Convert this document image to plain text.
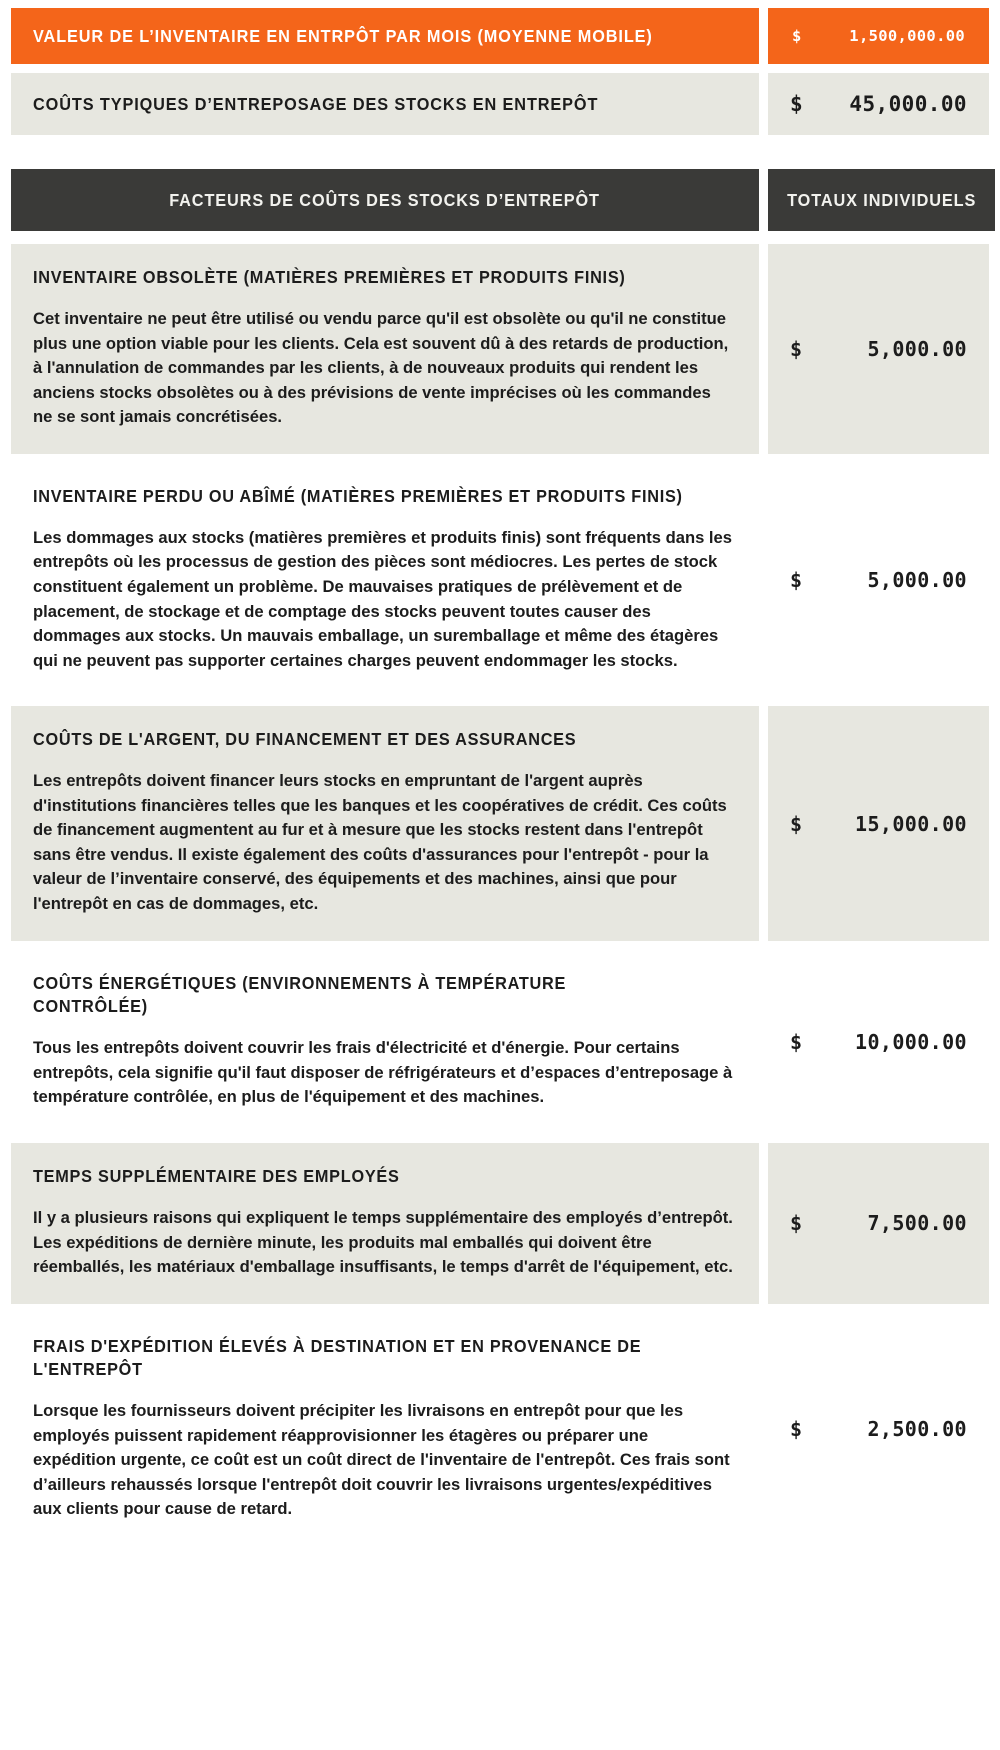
VALEUR DE L’INVENTAIRE EN ENTRPÔT PAR MOIS (MOYENNE MOBILE)	$	1,500,000.00
COÛTS TYPIQUES D’ENTREPOSAGE DES STOCKS EN ENTREPÔT	$ 45,000.00
FACTEURS DE COÛTS DES STOCKS D’ENTREPÔT	TOTAUX INDIVIDUELS

INVENTAIRE OBSOLÈTE (MATIÈRES PREMIÈRES ET PRODUITS FINIS)

Cet inventaire ne peut être utilisé ou vendu parce qu'il est obsolète ou qu'il ne constitue plus une option viable pour les clients. Cela est souvent dû à des retards de production, à l'annulation de commandes par les clients, à de nouveaux produits qui rendent les anciens stocks obsolètes ou à des prévisions de vente imprécises où les commandes ne se sont jamais concrétisées.

$	5,000.00

INVENTAIRE PERDU OU ABÎMÉ (MATIÈRES PREMIÈRES ET PRODUITS FINIS)

Les dommages aux stocks (matières premières et produits finis) sont fréquents dans les entrepôts où les processus de gestion des pièces sont médiocres. Les pertes de stock constituent également un problème. De mauvaises pratiques de prélèvement et de placement, de stockage et de comptage des stocks peuvent toutes causer des dommages aux stocks. Un mauvais emballage, un suremballage et même des étagères qui ne peuvent pas supporter certaines charges peuvent endommager les stocks.

$	5,000.00

COÛTS DE L'ARGENT, DU FINANCEMENT ET DES ASSURANCES

Les entrepôts doivent financer leurs stocks en empruntant de l'argent auprès d'institutions financières telles que les banques et les coopératives de crédit. Ces coûts de financement augmentent au fur et à mesure que les stocks restent dans l'entrepôt sans être vendus. Il existe également des coûts d'assurances pour l'entrepôt - pour la valeur de l’inventaire conservé, des équipements et des machines, ainsi que pour l'entrepôt en cas de dommages, etc.

$	15,000.00

COÛTS ÉNERGÉTIQUES (ENVIRONNEMENTS À TEMPÉRATURE CONTRÔLÉE)

Tous les entrepôts doivent couvrir les frais d'électricité et d'énergie. Pour certains entrepôts, cela signifie qu'il faut disposer de réfrigérateurs et d’espaces d’entreposage à température contrôlée, en plus de l'équipement et des machines.

$	10,000.00

TEMPS SUPPLÉMENTAIRE DES EMPLOYÉS

Il y a plusieurs raisons qui expliquent le temps supplémentaire des employés d’entrepôt. Les expéditions de dernière minute, les produits mal emballés qui doivent être réemballés, les matériaux d'emballage insuffisants, le temps d'arrêt de l'équipement, etc.

$	7,500.00

FRAIS D'EXPÉDITION ÉLEVÉS À DESTINATION ET EN PROVENANCE DE L'ENTREPÔT

Lorsque les fournisseurs doivent précipiter les livraisons en entrepôt pour que les employés puissent rapidement réapprovisionner les étagères ou préparer une expédition urgente, ce coût est un coût direct de l'inventaire de l'entrepôt. Ces frais sont d’ailleurs rehaussés lorsque l'entrepôt doit couvrir les livraisons urgentes/expéditives aux clients pour cause de retard.

$	2,500.00
